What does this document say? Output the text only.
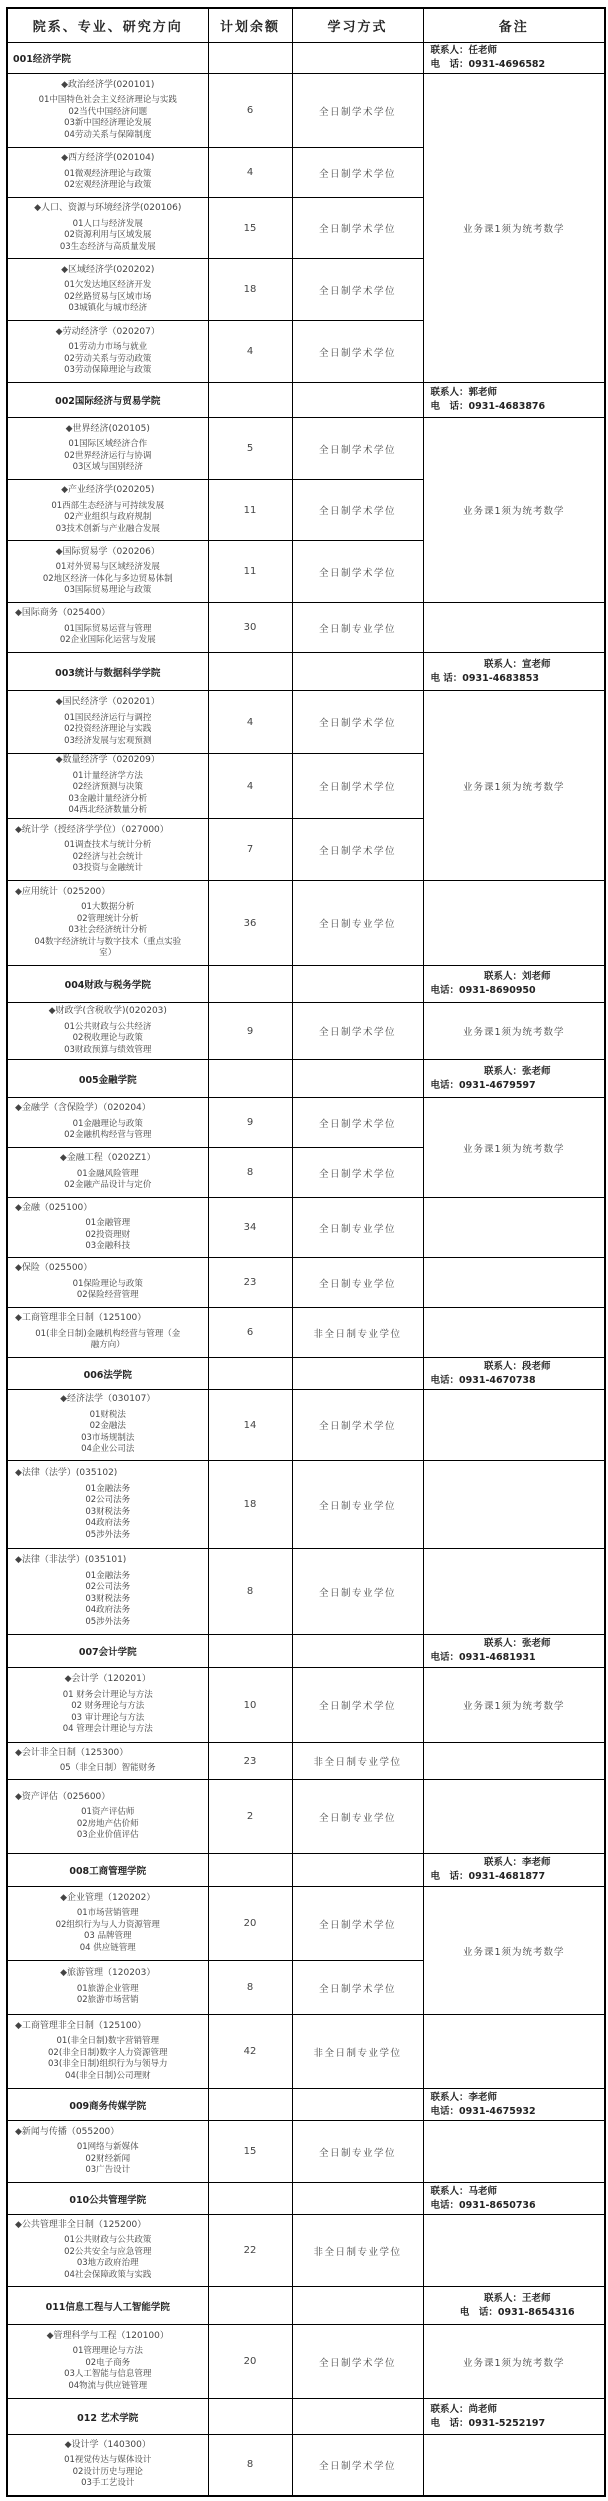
院系、专业、研究方向	计划余额	学习方式	备注
001经济学院			联系人：任老师
电　话：0931-4696582

◆政治经济学(020101)
01中国特色社会主义经济理论与实践
02当代中国经济问题
03新中国经济理论发展
04劳动关系与保障制度	6	全日制学术学位	业务课1须为统考数学

◆西方经济学(020104)
01微观经济理论与政策
02宏观经济理论与政策	4	全日制学术学位	

◆人口、资源与环境经济学(020106)
01人口与经济发展
02资源利用与区域发展
03生态经济与高质量发展	15	全日制学术学位	

◆区域经济学(020202)
01欠发达地区经济开发
02丝路贸易与区域市场
03城镇化与城市经济	18	全日制学术学位	

◆劳动经济学（020207）
01劳动力市场与就业
02劳动关系与劳动政策
03劳动保障理论与政策	4	全日制学术学位	
002国际经济与贸易学院			联系人：郭老师
电　话：0931-4683876

◆世界经济(020105)
01国际区域经济合作
02世界经济运行与协调
03区域与国别经济	5	全日制学术学位	业务课1须为统考数学

◆产业经济学(020205)
01西部生态经济与可持续发展
02产业组织与政府规制
03技术创新与产业融合发展	11	全日制学术学位	

◆国际贸易学（020206）
01对外贸易与区域经济发展
02地区经济一体化与多边贸易体制
03国际贸易理论与政策	11	全日制学术学位	

◆国际商务（025400）
01国际贸易运营与管理
02企业国际化运营与发展	30	全日制专业学位	
003统计与数据科学学院			联系人：宣老师
电 话：0931-4683853

◆国民经济学（020201）
01国民经济运行与调控
02投资经济理论与实践
03经济发展与宏观预测	4	全日制学术学位	业务课1须为统考数学

◆数量经济学（020209）
01计量经济学方法
02经济预测与决策
03金融计量经济分析
04西北经济数量分析	4	全日制学术学位	

◆统计学（授经济学学位）（027000）
01调查技术与统计分析
02经济与社会统计
03投资与金融统计	7	全日制学术学位	

◆应用统计（025200）
01大数据分析
02管理统计分析
03社会经济统计分析
04数字经济统计与数字技术（重点实验
室）
	36	全日制专业学位	
004财政与税务学院			联系人：刘老师
电话：0931-8690950

◆财政学(含税收学)(020203)
01公共财政与公共经济
02税收理论与政策
03财政预算与绩效管理	9	全日制学术学位	业务课1须为统考数学
005金融学院			联系人：张老师
电话：0931-4679597

◆金融学（含保险学）（020204）
01金融理论与政策
02金融机构经营与管理	9	全日制学术学位	业务课1须为统考数学

◆金融工程（0202Z1）
01金融风险管理
02金融产品设计与定价	8	全日制学术学位	

◆金融（025100）
01金融管理
02投资理财
03金融科技	34	全日制专业学位	

◆保险（025500）
01保险理论与政策
02保险经营管理	23	全日制专业学位	

◆工商管理非全日制（125100）
01(非全日制)金融机构经营与管理（金
融方向）	6	非全日制专业学位	
006法学院			联系人：段老师
电话：0931-4670738

◆经济法学（030107）
01财税法
02金融法
03市场规制法
04企业公司法	14	全日制学术学位	

◆法律（法学）(035102)
01金融法务
02公司法务
03财税法务
04政府法务
05涉外法务
	18	全日制专业学位	

◆法律（非法学）(035101)
01金融法务
02公司法务
03财税法务
04政府法务
05涉外法务
	8	全日制专业学位	
007会计学院			联系人：张老师
电话：0931-4681931

◆会计学（120201）
01 财务会计理论与方法
02 财务理论与方法
03 审计理论与方法
04 管理会计理论与方法	10	全日制学术学位	业务课1须为统考数学

◆会计非全日制（125300）
05（非全日制）智能财务	23	非全日制专业学位	

◆资产评估（025600）
01资产评估师
02房地产估价师
03企业价值评估	2	全日制专业学位	
008工商管理学院			联系人：李老师
电　话：0931-4681877

◆企业管理（120202）
01市场营销管理
02组织行为与人力资源管理
03 品牌管理
04 供应链管理	20	全日制学术学位	业务课1须为统考数学

◆旅游管理（120203）
01旅游企业管理
02旅游市场营销	8	全日制学术学位	

◆工商管理非全日制（125100）
01(非全日制)数字营销管理
02(非全日制)数字人力资源管理
03(非全日制)组织行为与领导力
04(非全日制)公司理财	42	非全日制专业学位	
009商务传媒学院			联系人：李老师
电话：0931-4675932

◆新闻与传播（055200）
01网络与新媒体
02财经新闻
03广告设计	15	全日制专业学位	
010公共管理学院			联系人：马老师
电话：0931-8650736

◆公共管理非全日制（125200）
01公共财政与公共政策
02公共安全与应急管理
03地方政府治理
04社会保障政策与实践	22	非全日制专业学位	
011信息工程与人工智能学院			联系人：王老师
电　话：0931-8654316

◆管理科学与工程（120100）
01管理理论与方法
02电子商务
03人工智能与信息管理
04物流与供应链管理	20	全日制学术学位	业务课1须为统考数学
012 艺术学院			联系人：尚老师
电　话：0931-5252197

◆设计学（140300）
01视觉传达与媒体设计
02设计历史与理论
03手工艺设计	8	全日制学术学位	
